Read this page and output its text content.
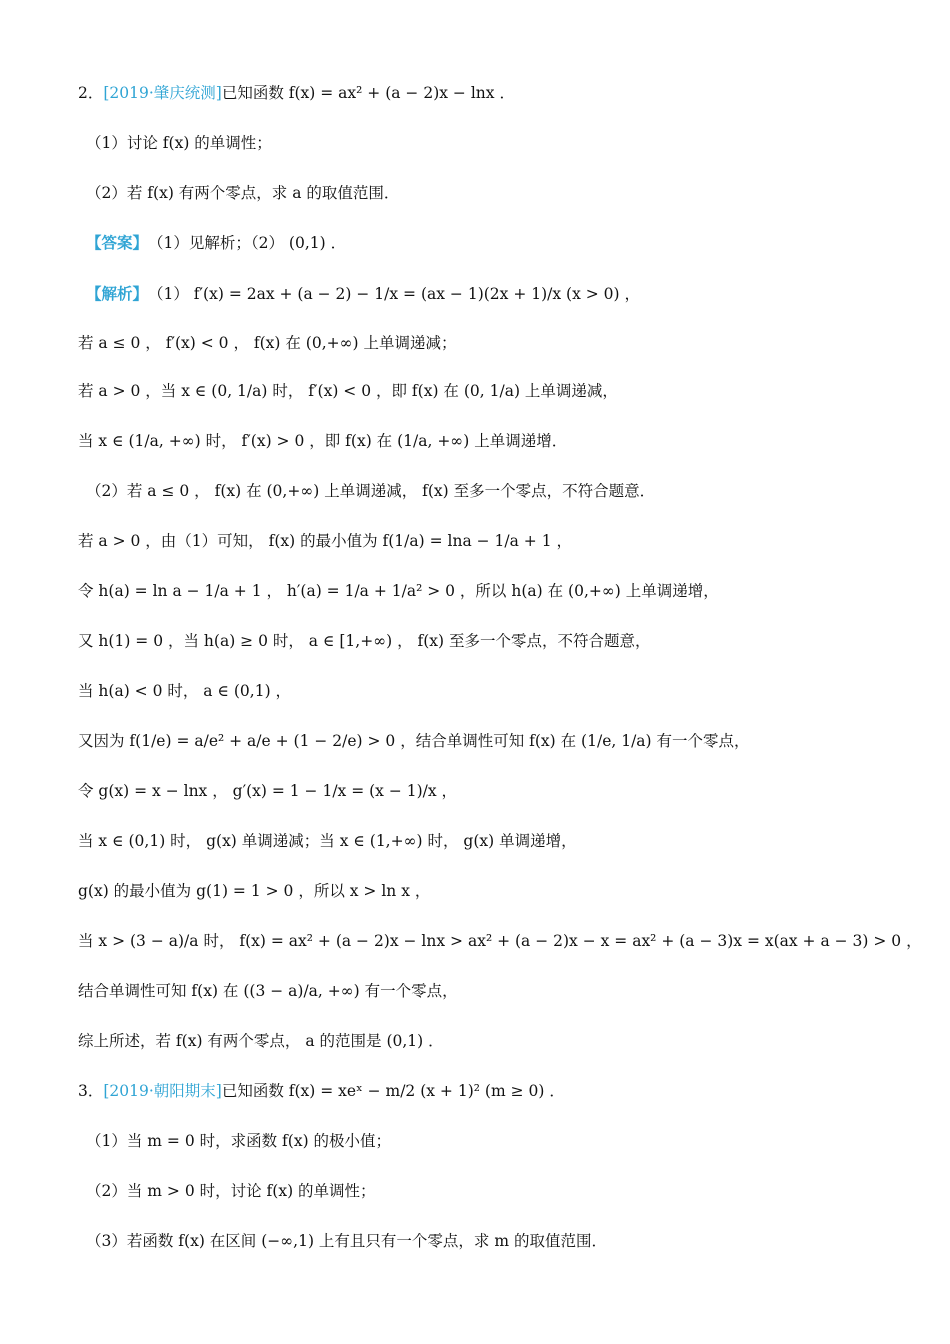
2． [2019·肇庆统测] 已知函数 f(x) = ax² + (a − 2)x − lnx ．
（1）讨论 f(x) 的单调性；
（2）若 f(x) 有两个零点，求 a 的取值范围．
【答案】 （1）见解析；（2） (0,1) ．
【解析】 （1） f′(x) = 2ax + (a − 2) − 1/x = (ax − 1)(2x + 1)/x (x > 0) ，
若 a ≤ 0 ， f′(x) < 0 ， f(x) 在 (0,+∞) 上单调递减；
若 a > 0 ，当 x ∈ (0, 1/a) 时， f′(x) < 0 ，即 f(x) 在 (0, 1/a) 上单调递减，
当 x ∈ (1/a, +∞) 时， f′(x) > 0 ，即 f(x) 在 (1/a, +∞) 上单调递增．
（2）若 a ≤ 0 ， f(x) 在 (0,+∞) 上单调递减， f(x) 至多一个零点，不符合题意．
若 a > 0 ，由（1）可知， f(x) 的最小值为 f(1/a) = lna − 1/a + 1 ，
令 h(a) = ln a − 1/a + 1 ， h′(a) = 1/a + 1/a² > 0 ，所以 h(a) 在 (0,+∞) 上单调递增，
又 h(1) = 0 ，当 h(a) ≥ 0 时， a ∈ [1,+∞) ， f(x) 至多一个零点，不符合题意，
当 h(a) < 0 时， a ∈ (0,1) ，
又因为 f(1/e) = a/e² + a/e + (1 − 2/e) > 0 ，结合单调性可知 f(x) 在 (1/e, 1/a) 有一个零点，
令 g(x) = x − lnx ， g′(x) = 1 − 1/x = (x − 1)/x ，
当 x ∈ (0,1) 时， g(x) 单调递减；当 x ∈ (1,+∞) 时， g(x) 单调递增，
g(x) 的最小值为 g(1) = 1 > 0 ，所以 x > ln x ，
当 x > (3 − a)/a 时， f(x) = ax² + (a − 2)x − lnx > ax² + (a − 2)x − x = ax² + (a − 3)x = x(ax + a − 3) > 0 ，
结合单调性可知 f(x) 在 ((3 − a)/a, +∞) 有一个零点，
综上所述，若 f(x) 有两个零点， a 的范围是 (0,1) ．
3． [2019·朝阳期末] 已知函数 f(x) = xeˣ − m/2 (x + 1)² (m ≥ 0) ．
（1）当 m = 0 时，求函数 f(x) 的极小值；
（2）当 m > 0 时，讨论 f(x) 的单调性；
（3）若函数 f(x) 在区间 (−∞,1) 上有且只有一个零点，求 m 的取值范围．
